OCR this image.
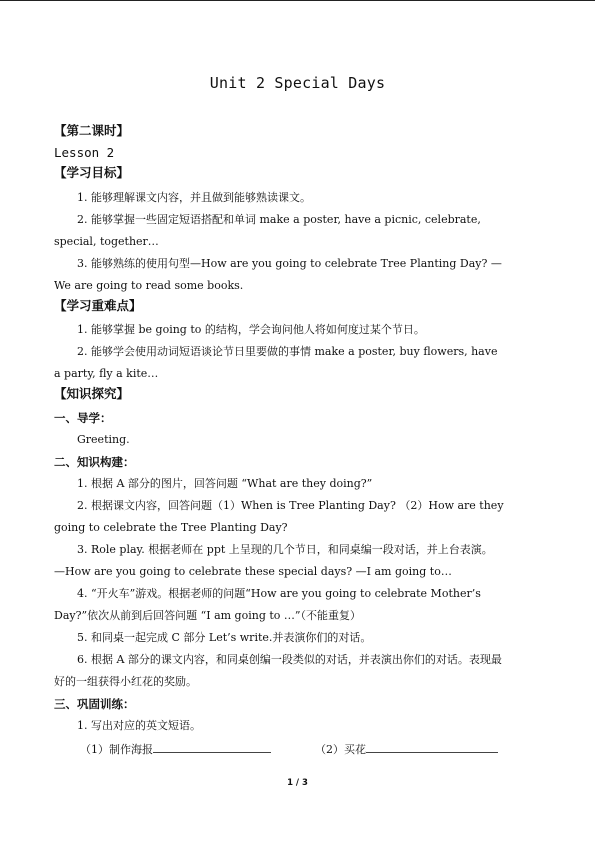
Unit 2 Special Days
【第二课时】
Lesson 2
【学习目标】
1. 能够理解课文内容，并且做到能够熟读课文。
2. 能够掌握一些固定短语搭配和单词 make a poster, have a picnic, celebrate,
special, together…
3. 能够熟练的使用句型—How are you going to celebrate Tree Planting Day? —
We are going to read some books.
【学习重难点】
1. 能够掌握 be going to 的结构，学会询问他人将如何度过某个节日。
2. 能够学会使用动词短语谈论节日里要做的事情 make a poster, buy flowers, have
a party, fly a kite…
【知识探究】
一、导学：
Greeting.
二、知识构建：
1. 根据 A 部分的图片，回答问题 “What are they doing?”
2. 根据课文内容，回答问题（1）When is Tree Planting Day? （2）How are they
going to celebrate the Tree Planting Day?
3. Role play. 根据老师在 ppt 上呈现的几个节日，和同桌编一段对话，并上台表演。
—How are you going to celebrate these special days? —I am going to…
4. “开火车”游戏。根据老师的问题“How are you going to celebrate Mother’s
Day?”依次从前到后回答问题 “I am going to …”（不能重复）
5. 和同桌一起完成 C 部分 Let’s write.并表演你们的对话。
6. 根据 A 部分的课文内容，和同桌创编一段类似的对话，并表演出你们的对话。表现最
好的一组获得小红花的奖励。
三、巩固训练：
1. 写出对应的英文短语。
（1）制作海报	（2）买花
1 / 3
